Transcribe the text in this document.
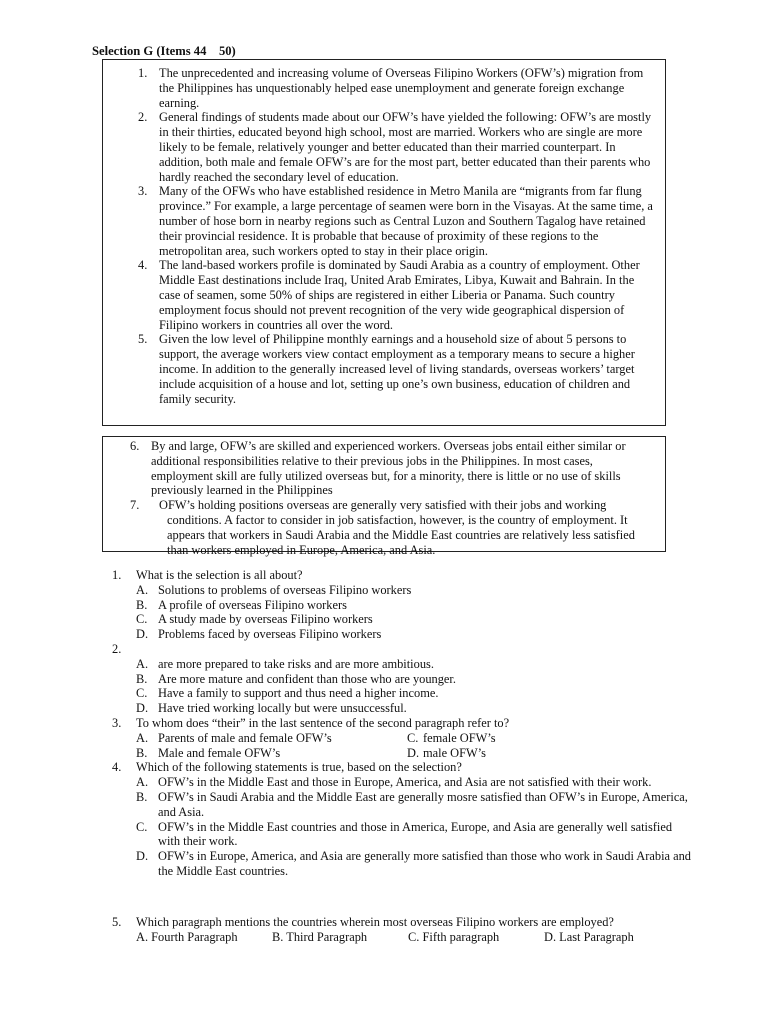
Selection G (Items 44    50)
1. The unprecedented and increasing volume of Overseas Filipino Workers (OFW’s) migration from the Philippines has unquestionably helped ease unemployment and generate foreign exchange earning.
2. General findings of students made about our OFW’s have yielded the following: OFW’s are mostly in their thirties, educated beyond high school, most are married. Workers who are single are more likely to be female, relatively younger and better educated than their married counterpart. In addition, both male and female OFW’s are for the most part, better educated than their parents who hardly reached the secondary level of education.
3. Many of the OFWs who have established residence in Metro Manila are “migrants from far flung province.” For example, a large percentage of seamen were born in the Visayas. At the same time, a number of hose born in nearby regions such as Central Luzon and Southern Tagalog have retained their provincial residence. It is probable that because of proximity of these regions to the metropolitan area, such workers opted to stay in their place origin.
4. The land-based workers profile is dominated by Saudi Arabia as a country of employment. Other Middle East destinations include Iraq, United Arab Emirates, Libya, Kuwait and Bahrain. In the case of seamen, some 50% of ships are registered in either Liberia or Panama. Such country employment focus should not prevent recognition of the very wide geographical dispersion of Filipino workers in countries all over the word.
5. Given the low level of Philippine monthly earnings and a household size of about 5 persons to support, the average workers view contact employment as a temporary means to secure a higher income. In addition to the generally increased level of living standards, overseas workers’ target include acquisition of a house and lot, setting up one’s own business, education of children and family security.
6. By and large, OFW’s are skilled and experienced workers. Overseas jobs entail either similar or additional responsibilities relative to their previous jobs in the Philippines. In most cases, employment skill are fully utilized overseas but, for a minority, there is little or no use of skills previously learned in the Philippines
7. OFW’s holding positions overseas are generally very satisfied with their jobs and working conditions. A factor to consider in job satisfaction, however, is the country of employment. It appears that workers in Saudi Arabia and the Middle East countries are relatively less satisfied than workers employed in Europe, America, and Asia.
1. What is the selection is all about?
A. Solutions to problems of overseas Filipino workers
B. A profile of overseas Filipino workers
C. A study made by overseas Filipino workers
D. Problems faced by overseas Filipino workers
2.

A. are more prepared to take risks and are more ambitious.
B. Are more mature and confident than those who are younger.
C. Have a family to support and thus need a higher income.
D. Have tried working locally but were unsuccessful.
3. To whom does “their” in the last sentence of the second paragraph refer to?
A. Parents of male and female OFW’s	C. female OFW’s
B. Male and female OFW’s	D. male OFW’s
4. Which of the following statements is true, based on the selection?
A. OFW’s in the Middle East and those in Europe, America, and Asia are not satisfied with their work.
B. OFW’s in Saudi Arabia and the Middle East are generally mosre satisfied than OFW’s in Europe, America, and Asia.
C. OFW’s in the Middle East countries and those in America, Europe, and Asia are generally well satisfied with their work.
D. OFW’s in Europe, America, and Asia are generally more satisfied than those who work in Saudi Arabia and the Middle East countries.
5. Which paragraph mentions the countries wherein most overseas Filipino workers are employed?
A. Fourth Paragraph	B. Third Paragraph	C. Fifth paragraph	D. Last Paragraph
